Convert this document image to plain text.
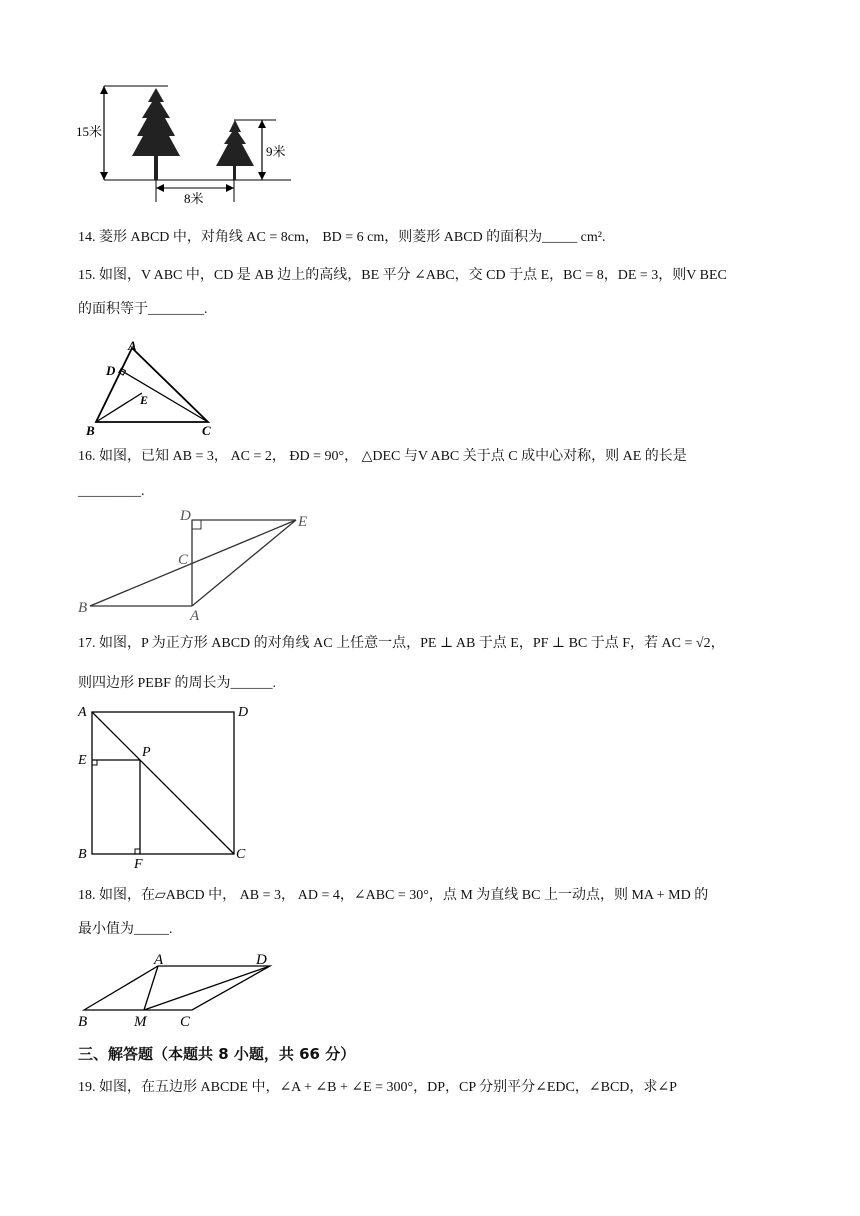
15米
9米
8米
14. 菱形 ABCD 中，对角线 AC = 8cm， BD = 6 cm，则菱形 ABCD 的面积为_____ cm².
15. 如图，V ABC 中，CD 是 AB 边上的高线，BE 平分 ∠ABC，交 CD 于点 E，BC = 8，DE = 3，则V BEC
的面积等于________.
A
D
E
B	C
16. 如图，已知 AB = 3， AC = 2， ÐD = 90°， △DEC 与V ABC 关于点 C 成中心对称，则 AE 的长是
_________.
D	E
C
B	A
17. 如图，P 为正方形 ABCD 的对角线 AC 上任意一点，PE ⊥ AB 于点 E，PF ⊥ BC 于点 F，若 AC = √2，
则四边形 PEBF 的周长为______.
A	D
E
P
B	C
F
18. 如图，在▱ABCD 中， AB = 3， AD = 4，∠ABC = 30°，点 M 为直线 BC 上一动点，则 MA + MD 的
最小值为_____.
A	D
B	M C
三、解答题（本题共 8 小题，共 66 分）
19. 如图，在五边形 ABCDE 中，∠A + ∠B + ∠E = 300°，DP，CP 分别平分∠EDC，∠BCD，求∠P
